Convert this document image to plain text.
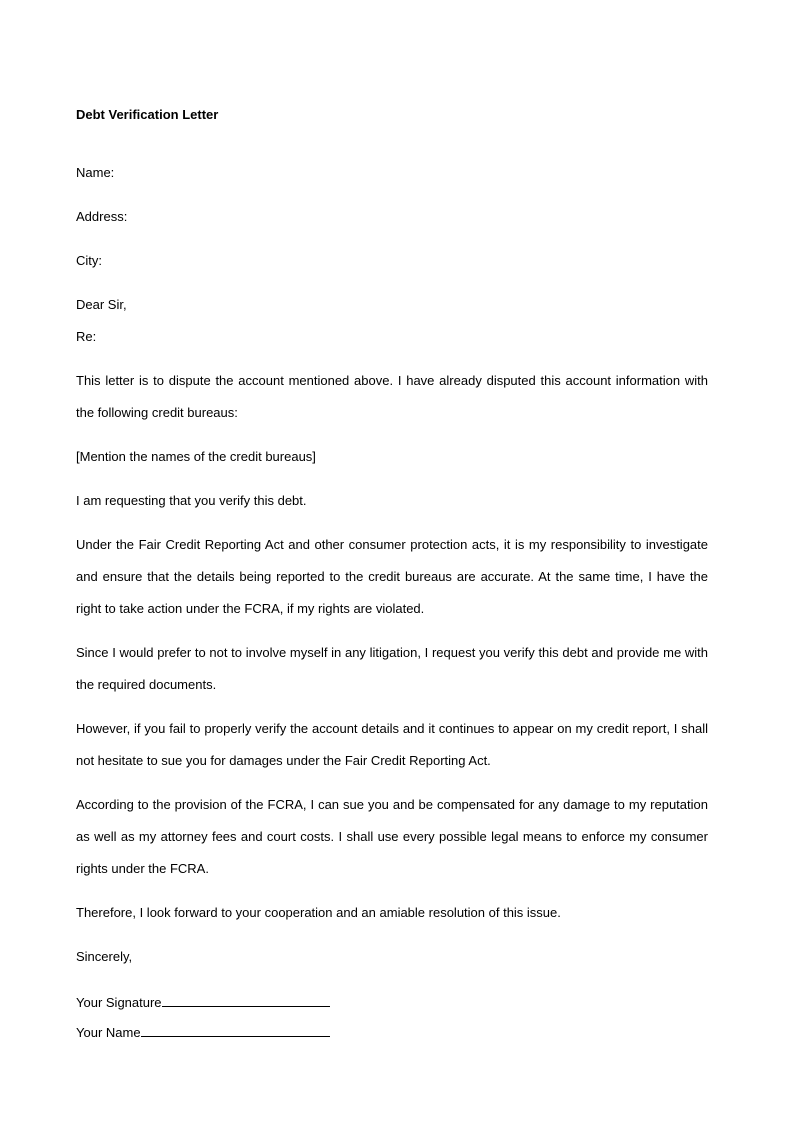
Debt Verification Letter
Name:
Address:
City:
Dear Sir,
Re:
This letter is to dispute the account mentioned above. I have already disputed this account information with the following credit bureaus:
[Mention the names of the credit bureaus]
I am requesting that you verify this debt.
Under the Fair Credit Reporting Act and other consumer protection acts, it is my responsibility to investigate and ensure that the details being reported to the credit bureaus are accurate. At the same time, I have the right to take action under the FCRA, if my rights are violated.
Since I would prefer to not to involve myself in any litigation, I request you verify this debt and provide me with the required documents.
However, if you fail to properly verify the account details and it continues to appear on my credit report, I shall not hesitate to sue you for damages under the Fair Credit Reporting Act.
According to the provision of the FCRA, I can sue you and be compensated for any damage to my reputation as well as my attorney fees and court costs. I shall use every possible legal means to enforce my consumer rights under the FCRA.
Therefore, I look forward to your cooperation and an amiable resolution of this issue.
Sincerely,
Your Signature
Your Name
